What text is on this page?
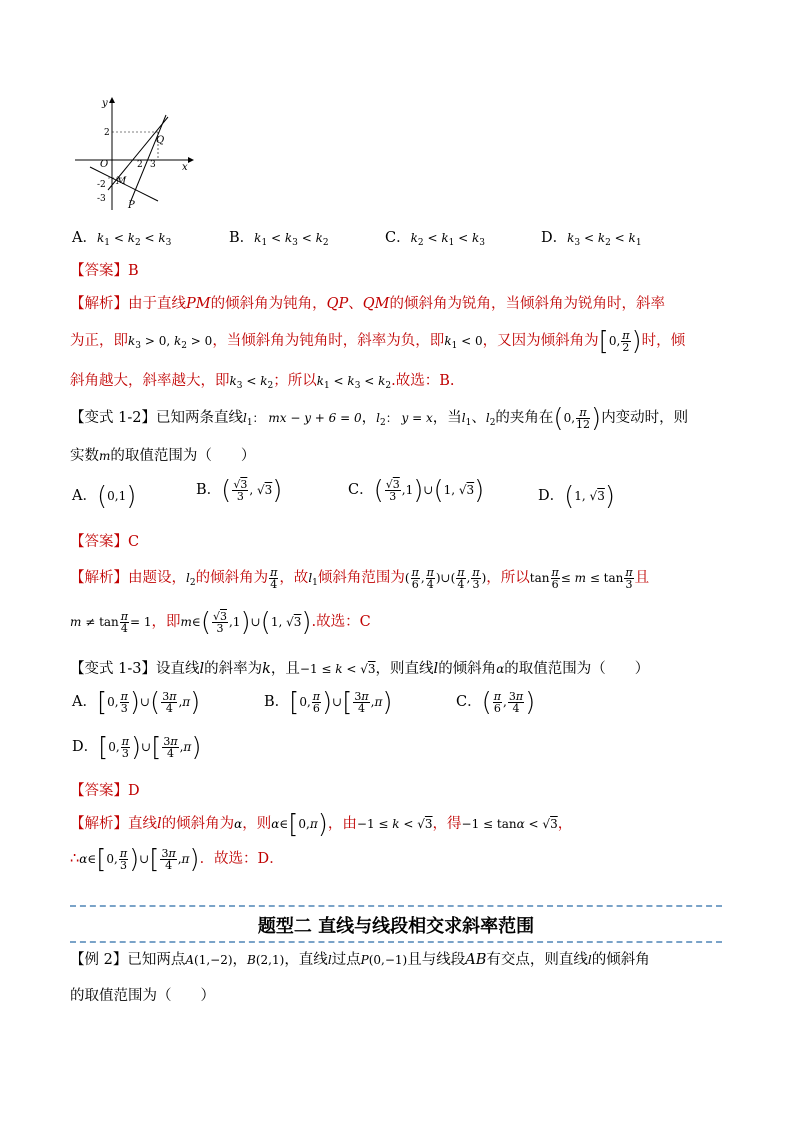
y
x
O
2
-2
-3
2 3
M
P
Q
A．$k_1 < k_2 < k_3$	B．$k_1 < k_3 < k_2$	C．$k_2 < k_1 < k_3$	D．$k_3 < k_2 < k_1$
【答案】B
【解析】由于直线PM的倾斜角为钝角，QP、QM的倾斜角为锐角，当倾斜角为锐角时，斜率
为正，即$k_3 > 0$, $k_2 > 0$，当倾斜角为钝角时，斜率为负，即$k_1 < 0$，又因为倾斜角为[0, $\frac{\pi}{2}$ )时，倾
斜角越大，斜率越大，即$k_3 < k_2$；所以$k_1 < k_3 < k_2$.故选：B.
【变式 1-2】已知两条直线$l_1$： mx − y + 6 = 0，$l_2$： y = x，当$l_1$、$l_2$的夹角在(0, $\frac{\pi}{12}$ )内变动时，则
实数m的取值范围为（　　）
A．(0,1)	B．( $\frac{√3}{3}$ , √3)	C．( $\frac{√3}{3}$ ,1)∪(1, √3)	D．(1, √3)
【答案】C
【解析】由题设，$l_2$的倾斜角为 $\frac{\pi}{4}$ ，故$l_1$倾斜角范围为( $\frac{\pi}{6}$ , $\frac{\pi}{4}$ )∪( $\frac{\pi}{4}$ , $\frac{\pi}{3}$ )，所以$\tan \frac{\pi}{6} \le m \le \tan \frac{\pi}{3}$ 且
$m \ne \tan \frac{\pi}{4} = 1$，即m∈( $\frac{√3}{3}$ ,1)∪(1, √3).故选：C
【变式 1-3】设直线l的斜率为k，且−1 ≤ k < √3，则直线l的倾斜角α的取值范围为（　　）
A．[0, $\frac{\pi}{3}$ )∪( $\frac{3\pi}{4} ,\pi$)	B．[0, $\frac{\pi}{6}$ )∪[ $\frac{3\pi}{4} ,\pi$)	C．( $\frac{\pi}{6}$ , $\frac{3\pi}{4}$ )
D．[0, $\frac{\pi}{3}$ )∪[ $\frac{3\pi}{4} ,\pi$)
【答案】D
【解析】直线l的倾斜角为α，则α∈[0,π)，由−1 ≤ k < √3，得−1 ≤ tanα < √3，
∴α∈[0, $\frac{\pi}{3}$ )∪[ $\frac{3\pi}{4} ,\pi$)．故选：D．
题型二 直线与线段相交求斜率范围
【例 2】已知两点A(1,−2)，B(2,1)，直线l过点P(0,−1)且与线段AB有交点，则直线l的倾斜角
的取值范围为（　　）
